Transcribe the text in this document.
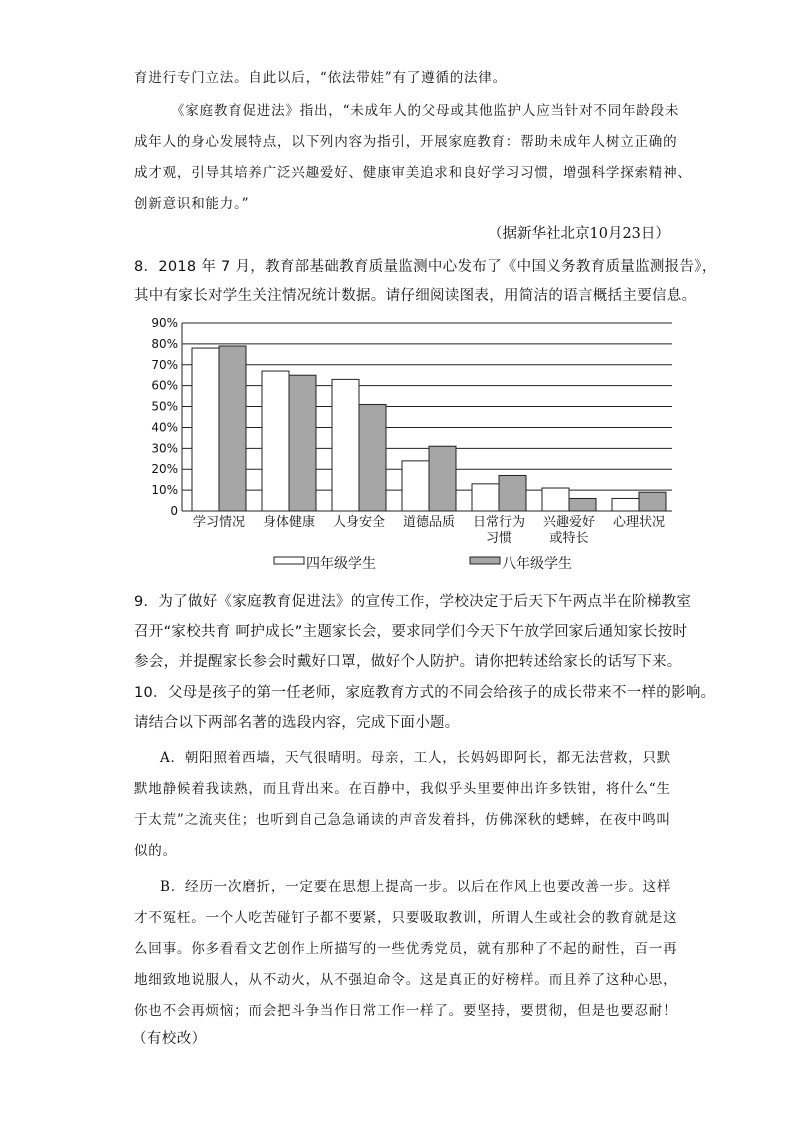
育进行专门立法。自此以后，“依法带娃”有了遵循的法律。
《家庭教育促进法》指出，“未成年人的父母或其他监护人应当针对不同年龄段未
成年人的身心发展特点，以下列内容为指引，开展家庭教育：帮助未成年人树立正确的
成才观，引导其培养广泛兴趣爱好、健康审美追求和良好学习习惯，增强科学探索精神、
创新意识和能力。”
（据新华社北京10月23日）
8．2018 年 7 月，教育部基础教育质量监测中心发布了《中国义务教育质量监测报告》，
其中有家长对学生关注情况统计数据。请仔细阅读图表，用简洁的语言概括主要信息。
0
10%
20%
30%
40%
50%
60%
70%
80%
90%
学习情况 身体健康 人身安全 道德品质 日常行为
习惯
兴趣爱好
或特长
心理状况
四年级学生	八年级学生
9．为了做好《家庭教育促进法》的宣传工作，学校决定于后天下午两点半在阶梯教室
召开“家校共育 呵护成长”主题家长会，要求同学们今天下午放学回家后通知家长按时
参会，并提醒家长参会时戴好口罩，做好个人防护。请你把转述给家长的话写下来。
10．父母是孩子的第一任老师，家庭教育方式的不同会给孩子的成长带来不一样的影响。
请结合以下两部名著的选段内容，完成下面小题。
A．朝阳照着西墙，天气很晴明。母亲，工人，长妈妈即阿长，都无法营救，只默
默地静候着我读熟，而且背出来。在百静中，我似乎头里要伸出许多铁钳，将什么“生
于太荒”之流夹住；也听到自己急急诵读的声音发着抖，仿佛深秋的蟋蟀，在夜中鸣叫
似的。
B．经历一次磨折，一定要在思想上提高一步。以后在作风上也要改善一步。这样
才不冤枉。一个人吃苦碰钉子都不要紧，只要吸取教训，所谓人生或社会的教育就是这
么回事。你多看看文艺创作上所描写的一些优秀党员，就有那种了不起的耐性，百一再
地细致地说服人，从不动火，从不强迫命令。这是真正的好榜样。而且养了这种心思，
你也不会再烦恼；而会把斗争当作日常工作一样了。要坚持，要贯彻，但是也要忍耐！
（有校改）
